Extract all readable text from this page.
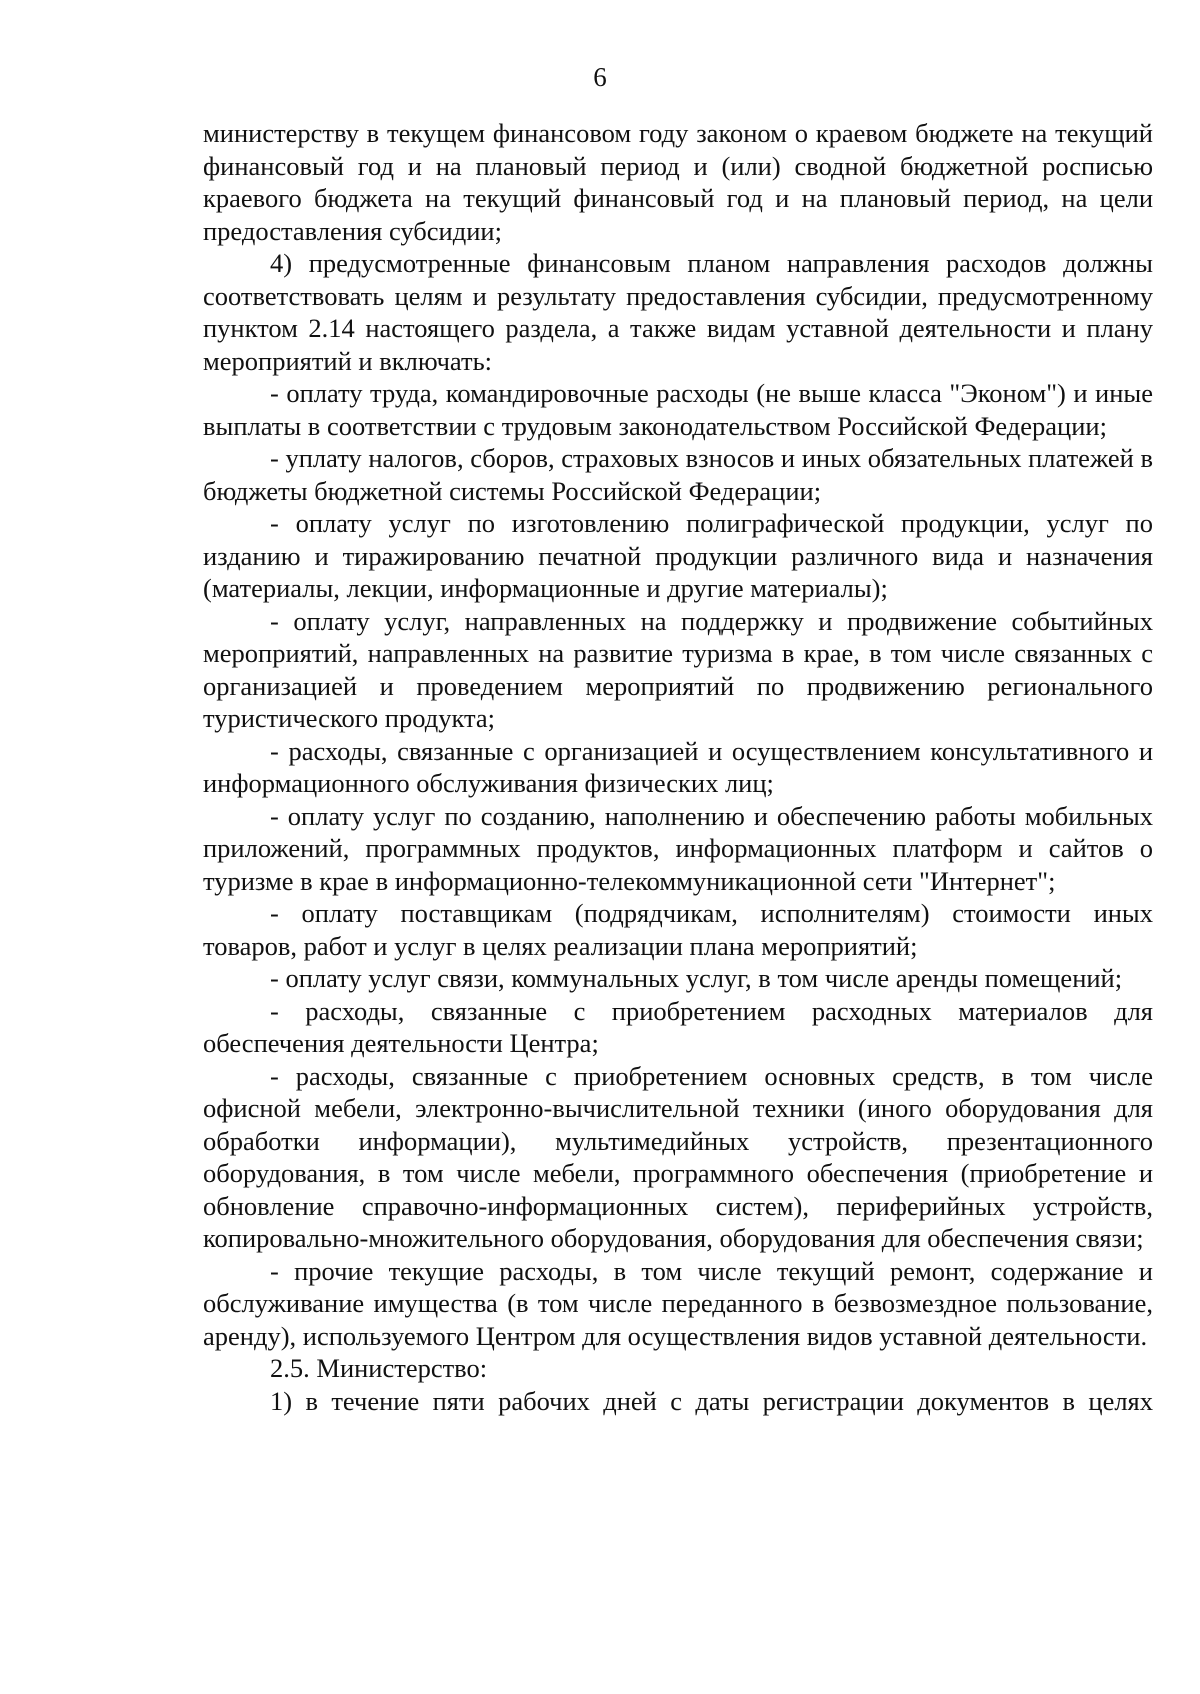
6

министерству в текущем финансовом году законом о краевом бюджете на текущий финансовый год и на плановый период и (или) сводной бюджетной росписью краевого бюджета на текущий финансовый год и на плановый период, на цели предоставления субсидии;

4) предусмотренные финансовым планом направления расходов должны соответствовать целям и результату предоставления субсидии, предусмотренному пунктом 2.14 настоящего раздела, а также видам уставной деятельности и плану мероприятий и включать:

- оплату труда, командировочные расходы (не выше класса "Эконом") и иные выплаты в соответствии с трудовым законодательством Российской Федерации;

- уплату налогов, сборов, страховых взносов и иных обязательных платежей в бюджеты бюджетной системы Российской Федерации;

- оплату услуг по изготовлению полиграфической продукции, услуг по изданию и тиражированию печатной продукции различного вида и назначения (материалы, лекции, информационные и другие материалы);

- оплату услуг, направленных на поддержку и продвижение событийных мероприятий, направленных на развитие туризма в крае, в том числе связанных с организацией и проведением мероприятий по продвижению регионального туристического продукта;

- расходы, связанные с организацией и осуществлением консультативного и информационного обслуживания физических лиц;

- оплату услуг по созданию, наполнению и обеспечению работы мобильных приложений, программных продуктов, информационных платформ и сайтов о туризме в крае в информационно-телекоммуникационной сети "Интернет";

- оплату поставщикам (подрядчикам, исполнителям) стоимости иных товаров, работ и услуг в целях реализации плана мероприятий;

- оплату услуг связи, коммунальных услуг, в том числе аренды помещений;

- расходы, связанные с приобретением расходных материалов для обеспечения деятельности Центра;

- расходы, связанные с приобретением основных средств, в том числе офисной мебели, электронно-вычислительной техники (иного оборудования для обработки информации), мультимедийных устройств, презентационного оборудования, в том числе мебели, программного обеспечения (приобретение и обновление справочно-информационных систем), периферийных устройств, копировально-множительного оборудования, оборудования для обеспечения связи;

- прочие текущие расходы, в том числе текущий ремонт, содержание и обслуживание имущества (в том числе переданного в безвозмездное пользование, аренду), используемого Центром для осуществления видов уставной деятельности.

2.5. Министерство:

1) в течение пяти рабочих дней с даты регистрации документов в целях
